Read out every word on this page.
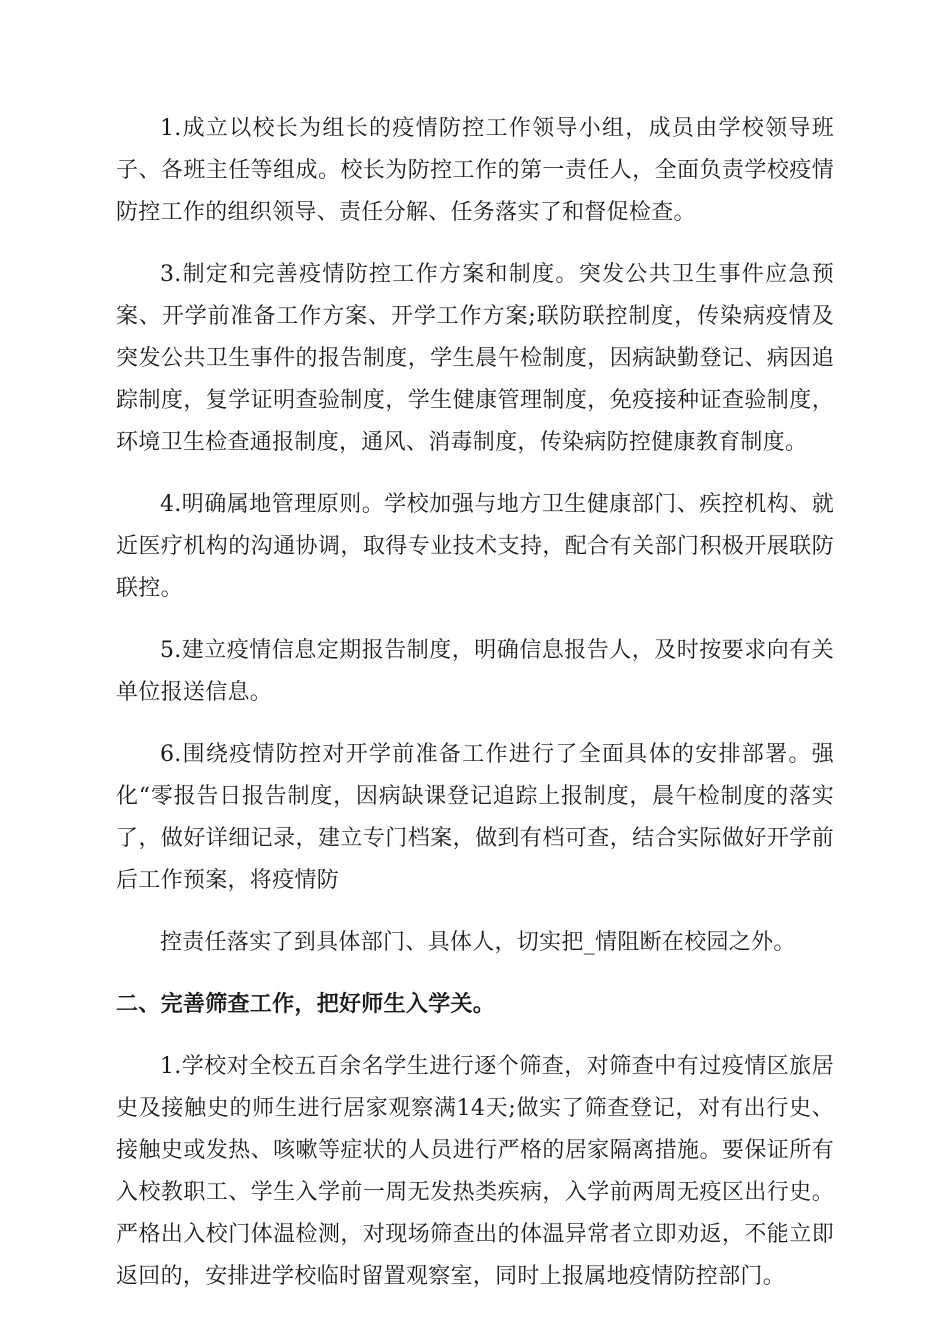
1.成立以校长为组长的疫情防控工作领导小组，成员由学校领导班子、各班主任等组成。校长为防控工作的第一责任人，全面负责学校疫情防控工作的组织领导、责任分解、任务落实了和督促检查。

3.制定和完善疫情防控工作方案和制度。突发公共卫生事件应急预案、开学前准备工作方案、开学工作方案;联防联控制度，传染病疫情及突发公共卫生事件的报告制度，学生晨午检制度，因病缺勤登记、病因追踪制度，复学证明查验制度，学生健康管理制度，免疫接种证查验制度，环境卫生检查通报制度，通风、消毒制度，传染病防控健康教育制度。

4.明确属地管理原则。学校加强与地方卫生健康部门、疾控机构、就近医疗机构的沟通协调，取得专业技术支持，配合有关部门积极开展联防联控。

5.建立疫情信息定期报告制度，明确信息报告人，及时按要求向有关单位报送信息。

6.围绕疫情防控对开学前准备工作进行了全面具体的安排部署。强化“零报告日报告制度，因病缺课登记追踪上报制度，晨午检制度的落实了，做好详细记录，建立专门档案，做到有档可查，结合实际做好开学前后工作预案，将疫情防

控责任落实了到具体部门、具体人，切实把_情阻断在校园之外。

二、完善筛查工作，把好师生入学关。

1.学校对全校五百余名学生进行逐个筛查，对筛查中有过疫情区旅居史及接触史的师生进行居家观察满14天;做实了筛查登记，对有出行史、接触史或发热、咳嗽等症状的人员进行严格的居家隔离措施。要保证所有入校教职工、学生入学前一周无发热类疾病，入学前两周无疫区出行史。严格出入校门体温检测，对现场筛查出的体温异常者立即劝返，不能立即返回的，安排进学校临时留置观察室，同时上报属地疫情防控部门。
